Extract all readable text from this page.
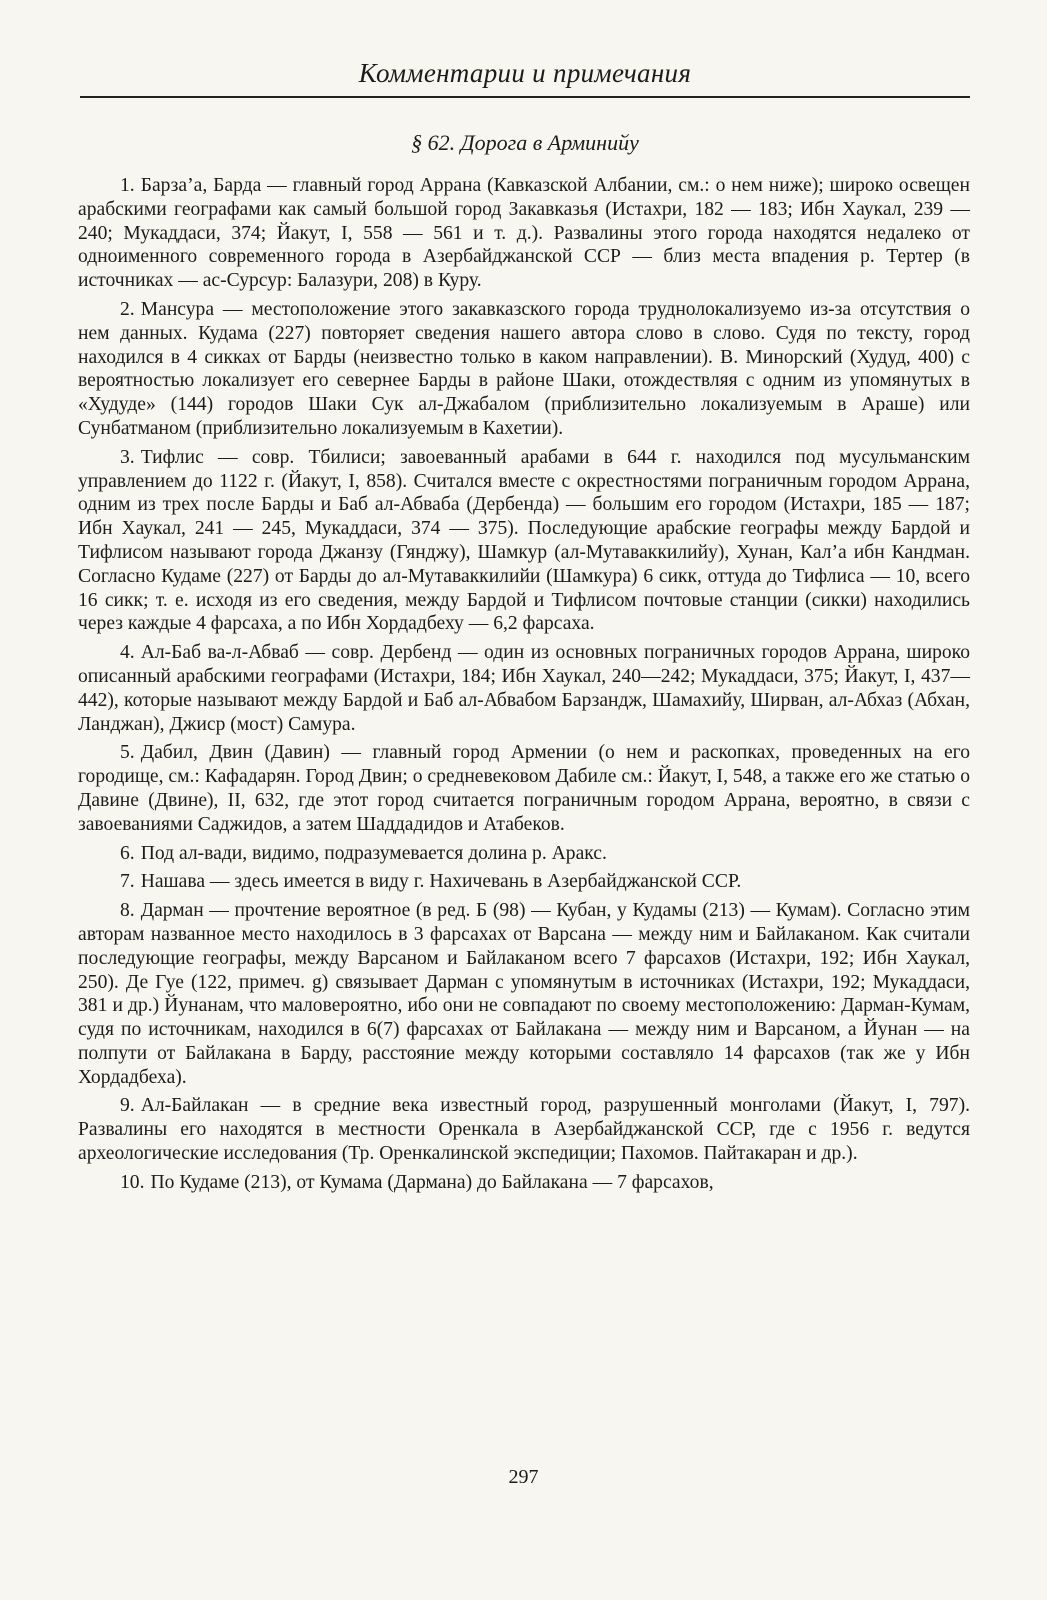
Комментарии и примечания
§ 62. Дорога в Арминийу

1. Барза’а, Барда — главный город Аррана (Кавказской Албании, см.: о нем ниже); широко освещен арабскими географами как самый большой город Закавказья (Истахри, 182 — 183; Ибн Хаукал, 239 — 240; Мукаддаси, 374; Йакут, I, 558 — 561 и т. д.). Развалины этого города находятся недалеко от одноименного современного города в Азербайджанской ССР — близ места впадения р. Тертер (в источниках — ас-Сурсур: Балазури, 208) в Куру.

2. Мансура — местоположение этого закавказского города труднолокализуемо из-за отсутствия о нем данных. Кудама (227) повторяет сведения нашего автора слово в слово. Судя по тексту, город находился в 4 сикках от Барды (неизвестно только в каком направлении). В. Минорский (Худуд, 400) с вероятностью локализует его севернее Барды в районе Шаки, отождествляя с одним из упомянутых в «Худуде» (144) городов Шаки Сук ал-Джабалом (приблизительно локализуемым в Араше) или Сунбатманом (приблизительно локализуемым в Кахетии).

3. Тифлис — совр. Тбилиси; завоеванный арабами в 644 г. находился под мусульманским управлением до 1122 г. (Йакут, I, 858). Считался вместе с окрестностями пограничным городом Аррана, одним из трех после Барды и Баб ал-Абваба (Дербенда) — большим его городом (Истахри, 185 — 187; Ибн Хаукал, 241 — 245, Мукаддаси, 374 — 375). Последующие арабские географы между Бардой и Тифлисом называют города Джанзу (Гянджу), Шамкур (ал-Мутаваккилийу), Хунан, Кал’а ибн Кандман. Согласно Кудаме (227) от Барды до ал-Мутаваккилийи (Шамкура) 6 сикк, оттуда до Тифлиса — 10, всего 16 сикк; т. е. исходя из его сведения, между Бардой и Тифлисом почтовые станции (сикки) находились через каждые 4 фарсаха, а по Ибн Хордадбеху — 6,2 фарсаха.

4. Ал-Баб ва-л-Абваб — совр. Дербенд — один из основных пограничных городов Аррана, широко описанный арабскими географами (Истахри, 184; Ибн Хаукал, 240—242; Мукаддаси, 375; Йакут, I, 437—442), которые называют между Бардой и Баб ал-Абвабом Барзандж, Шамахийу, Ширван, ал-Абхаз (Абхан, Ланджан), Джиср (мост) Самура.

5. Дабил, Двин (Давин) — главный город Армении (о нем и раскопках, проведенных на его городище, см.: Кафадарян. Город Двин; о средневековом Дабиле см.: Йакут, I, 548, а также его же статью о Давине (Двине), II, 632, где этот город считается пограничным городом Аррана, вероятно, в связи с завоеваниями Саджидов, а затем Шаддадидов и Атабеков.

6. Под ал-вади, видимо, подразумевается долина р. Аракс.

7. Нашава — здесь имеется в виду г. Нахичевань в Азербайджанской ССР.

8. Дарман — прочтение вероятное (в ред. Б (98) — Кубан, у Кудамы (213) — Кумам). Согласно этим авторам названное место находилось в 3 фарсахах от Варсана — между ним и Байлаканом. Как считали последующие географы, между Варсаном и Байлаканом всего 7 фарсахов (Истахри, 192; Ибн Хаукал, 250). Де Гуе (122, примеч. g) связывает Дарман с упомянутым в источниках (Истахри, 192; Мукаддаси, 381 и др.) Йунанам, что маловероятно, ибо они не совпадают по своему местоположению: Дарман-Кумам, судя по источникам, находился в 6(7) фарсахах от Байлакана — между ним и Варсаном, а Йунан — на полпути от Байлакана в Барду, расстояние между которыми составляло 14 фарсахов (так же у Ибн Хордадбеха).

9. Ал-Байлакан — в средние века известный город, разрушенный монголами (Йакут, I, 797). Развалины его находятся в местности Оренкала в Азербайджанской ССР, где с 1956 г. ведутся археологические исследования (Тр. Оренкалинской экспедиции; Пахомов. Пайтакаран и др.).

10. По Кудаме (213), от Кумама (Дармана) до Байлакана — 7 фарсахов,

297
